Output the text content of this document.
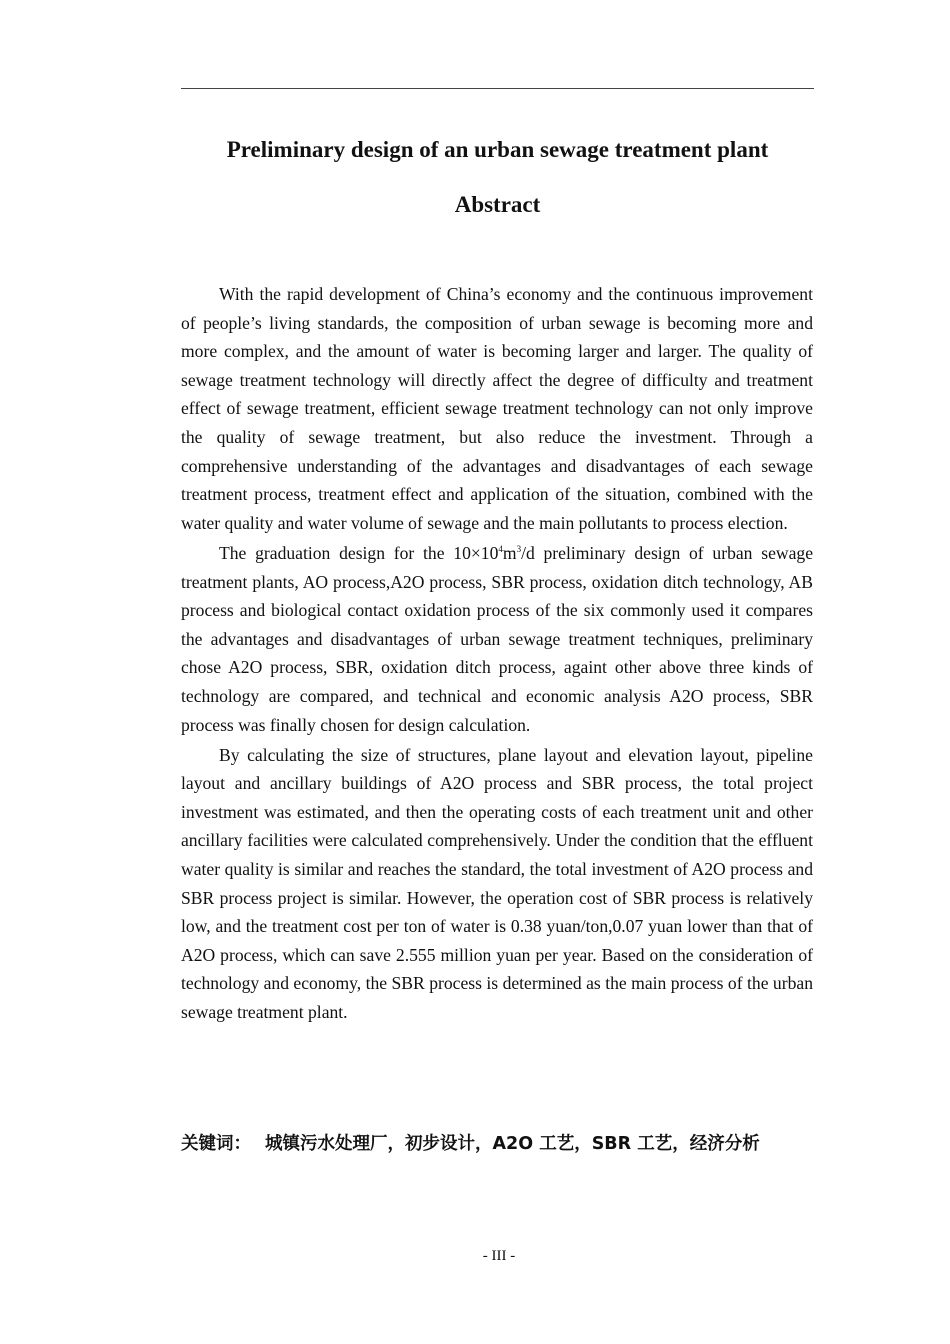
Preliminary design of an urban sewage treatment plant
Abstract

With the rapid development of China’s economy and the continuous improvement of people’s living standards, the composition of urban sewage is becoming more and more complex, and the amount of water is becoming larger and larger. The quality of sewage treatment technology will directly affect the degree of difficulty and treatment effect of sewage treatment, efficient sewage treatment technology can not only improve the quality of sewage treatment, but also reduce the investment. Through a comprehensive understanding of the advantages and disadvantages of each sewage treatment process, treatment effect and application of the situation, combined with the water quality and water volume of sewage and the main pollutants to process election.

The graduation design for the $10\times 10^4m^3/d$ preliminary design of urban sewage treatment plants, AO process,A2O process, SBR process, oxidation ditch technology, AB process and biological contact oxidation process of the six commonly used it compares the advantages and disadvantages of urban sewage treatment techniques, preliminary chose A2O process, SBR, oxidation ditch process, againt other above three kinds of technology are compared, and technical and economic analysis A2O process, SBR process was finally chosen for design calculation.

By calculating the size of structures, plane layout and elevation layout, pipeline layout and ancillary buildings of A2O process and SBR process, the total project investment was estimated, and then the operating costs of each treatment unit and other ancillary facilities were calculated comprehensively. Under the condition that the effluent water quality is similar and reaches the standard, the total investment of A2O process and SBR process project is similar. However, the operation cost of SBR process is relatively low, and the treatment cost per ton of water is 0.38 yuan/ton,0.07 yuan lower than that of A2O process, which can save 2.555 million yuan per year. Based on the consideration of technology and economy, the SBR process is determined as the main process of the urban sewage treatment plant.

关键词： 城镇污水处理厂，初步设计，A2O 工艺，SBR 工艺，经济分析
- III -
